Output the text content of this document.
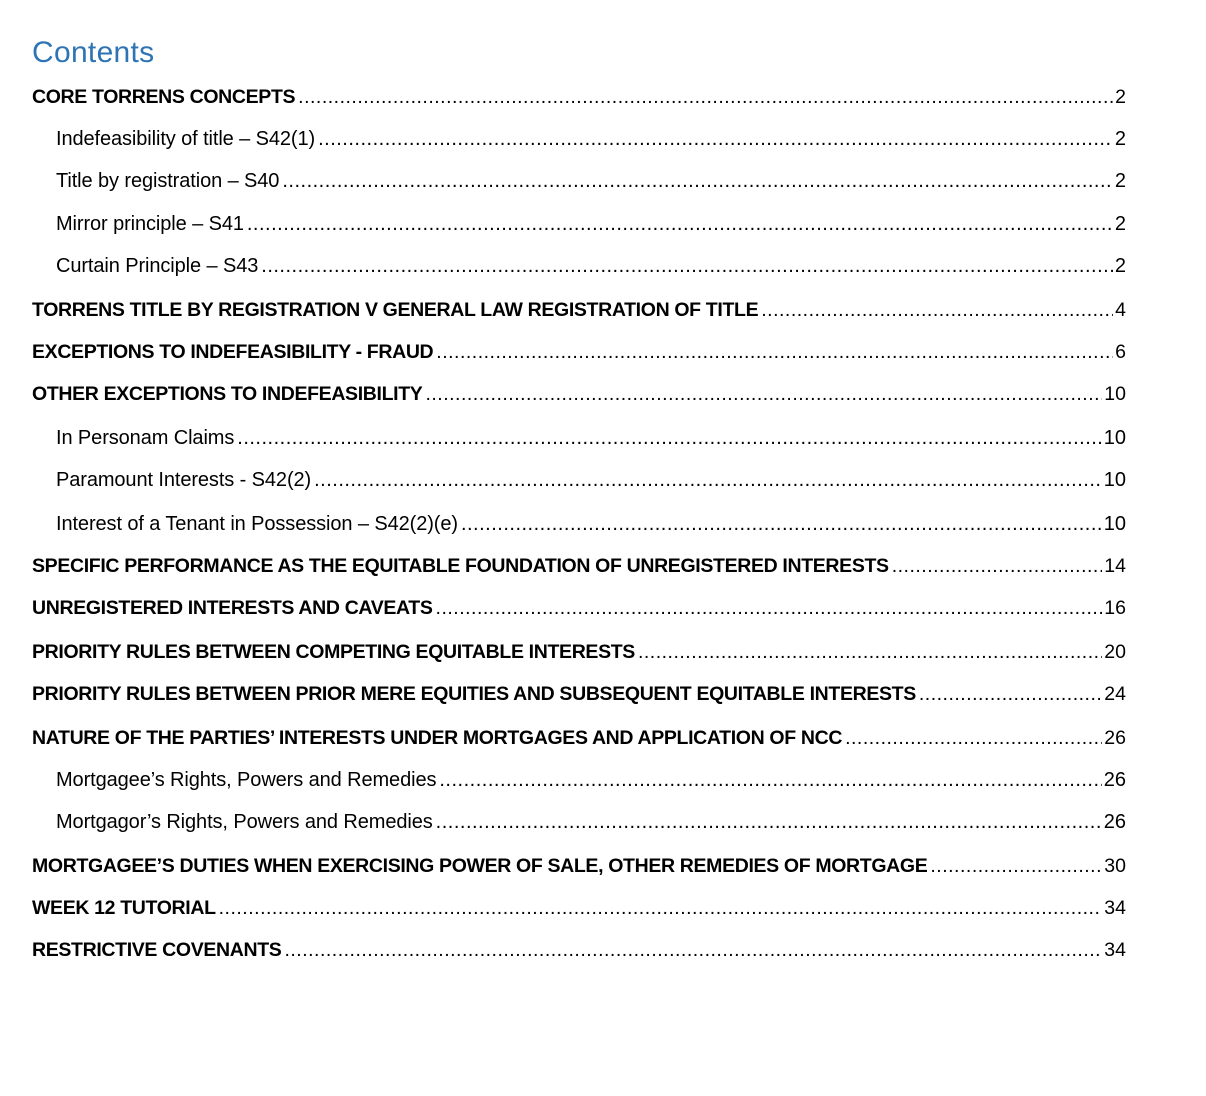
Contents
CORE TORRENS CONCEPTS .....	2
Indefeasibility of title – S42(1) .....	2
Title by registration – S40 .....	2
Mirror principle – S41 .....	2
Curtain Principle – S43 .....	2
TORRENS TITLE BY REGISTRATION V GENERAL LAW REGISTRATION OF TITLE .....	4
EXCEPTIONS TO INDEFEASIBILITY - FRAUD .....	6
OTHER EXCEPTIONS TO INDEFEASIBILITY .....	10
In Personam Claims .....	10
Paramount Interests - S42(2) .....	10
Interest of a Tenant in Possession – S42(2)(e) .....	10
SPECIFIC PERFORMANCE AS THE EQUITABLE FOUNDATION OF UNREGISTERED INTERESTS .....	14
UNREGISTERED INTERESTS AND CAVEATS .....	16
PRIORITY RULES BETWEEN COMPETING EQUITABLE INTERESTS .....	20
PRIORITY RULES BETWEEN PRIOR MERE EQUITIES AND SUBSEQUENT EQUITABLE INTERESTS .....	24
NATURE OF THE PARTIES’ INTERESTS UNDER MORTGAGES AND APPLICATION OF NCC .....	26
Mortgagee’s Rights, Powers and Remedies .....	26
Mortgagor’s Rights, Powers and Remedies .....	26
MORTGAGEE’S DUTIES WHEN EXERCISING POWER OF SALE, OTHER REMEDIES OF MORTGAGE .....	30
WEEK 12 TUTORIAL .....	34
RESTRICTIVE COVENANTS .....	34
